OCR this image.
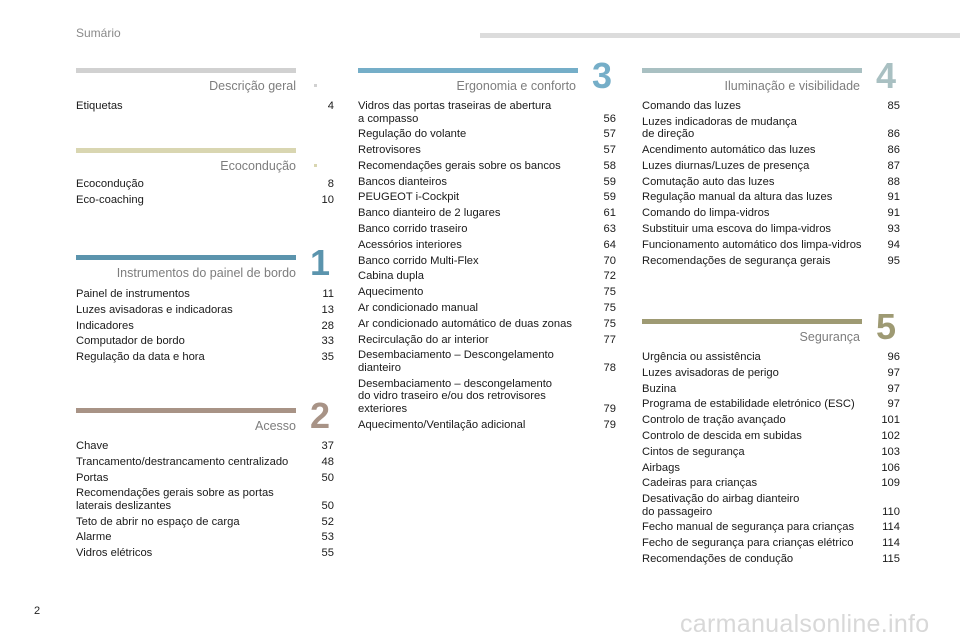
Sumário
Descrição geral
Etiquetas	4
Ecocondução
Ecocondução	8
Eco-coaching	10
Instrumentos do painel de bordo 1
Painel de instrumentos	11
Luzes avisadoras e indicadoras	13
Indicadores	28
Computador de bordo	33
Regulação da data e hora	35
Acesso 2
Chave	37
Trancamento/destrancamento centralizado	48
Portas	50
Recomendações gerais sobre as portas
laterais deslizantes	50
Teto de abrir no espaço de carga	52
Alarme	53
Vidros elétricos	55
Ergonomia e conforto 3
Vidros das portas traseiras de abertura
a compasso	56
Regulação do volante	57
Retrovisores	57
Recomendações gerais sobre os bancos	58
Bancos dianteiros	59
PEUGEOT i-Cockpit	59
Banco dianteiro de 2 lugares	61
Banco corrido traseiro	63
Acessórios interiores	64
Banco corrido Multi-Flex	70
Cabina dupla	72
Aquecimento	75
Ar condicionado manual	75
Ar condicionado automático de duas zonas	75
Recirculação do ar interior	77
Desembaciamento – Descongelamento
dianteiro	78
Desembaciamento – descongelamento
do vidro traseiro e/ou dos retrovisores
exteriores	79
Aquecimento/Ventilação adicional	79
Iluminação e visibilidade 4
Comando das luzes	85
Luzes indicadoras de mudança
de direção	86
Acendimento automático das luzes	86
Luzes diurnas/Luzes de presença	87
Comutação auto das luzes	88
Regulação manual da altura das luzes	91
Comando do limpa-vidros	91
Substituir uma escova do limpa-vidros	93
Funcionamento automático dos limpa-vidros	94
Recomendações de segurança gerais	95
Segurança 5
Urgência ou assistência	96
Luzes avisadoras de perigo	97
Buzina	97
Programa de estabilidade eletrónico (ESC)	97
Controlo de tração avançado	101
Controlo de descida em subidas	102
Cintos de segurança	103
Airbags	106
Cadeiras para crianças	109
Desativação do airbag dianteiro
do passageiro	110
Fecho manual de segurança para crianças	114
Fecho de segurança para crianças elétrico	114
Recomendações de condução	115
2	carmanualsonline.info
